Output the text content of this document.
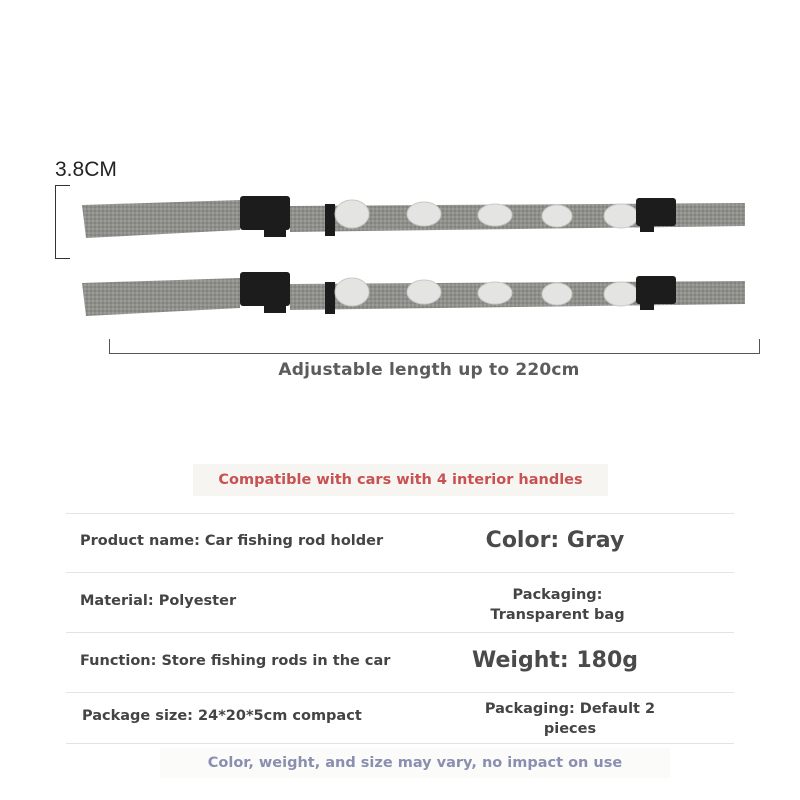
3.8CM
Adjustable length up to 220cm
Compatible with cars with 4 interior handles
Product name: Car fishing rod holder	Color: Gray
Material: Polyester	Packaging:
Transparent bag
Function: Store fishing rods in the car	Weight: 180g
Package size: 24*20*5cm compact	Packaging: Default 2
pieces
Color, weight, and size may vary, no impact on use
